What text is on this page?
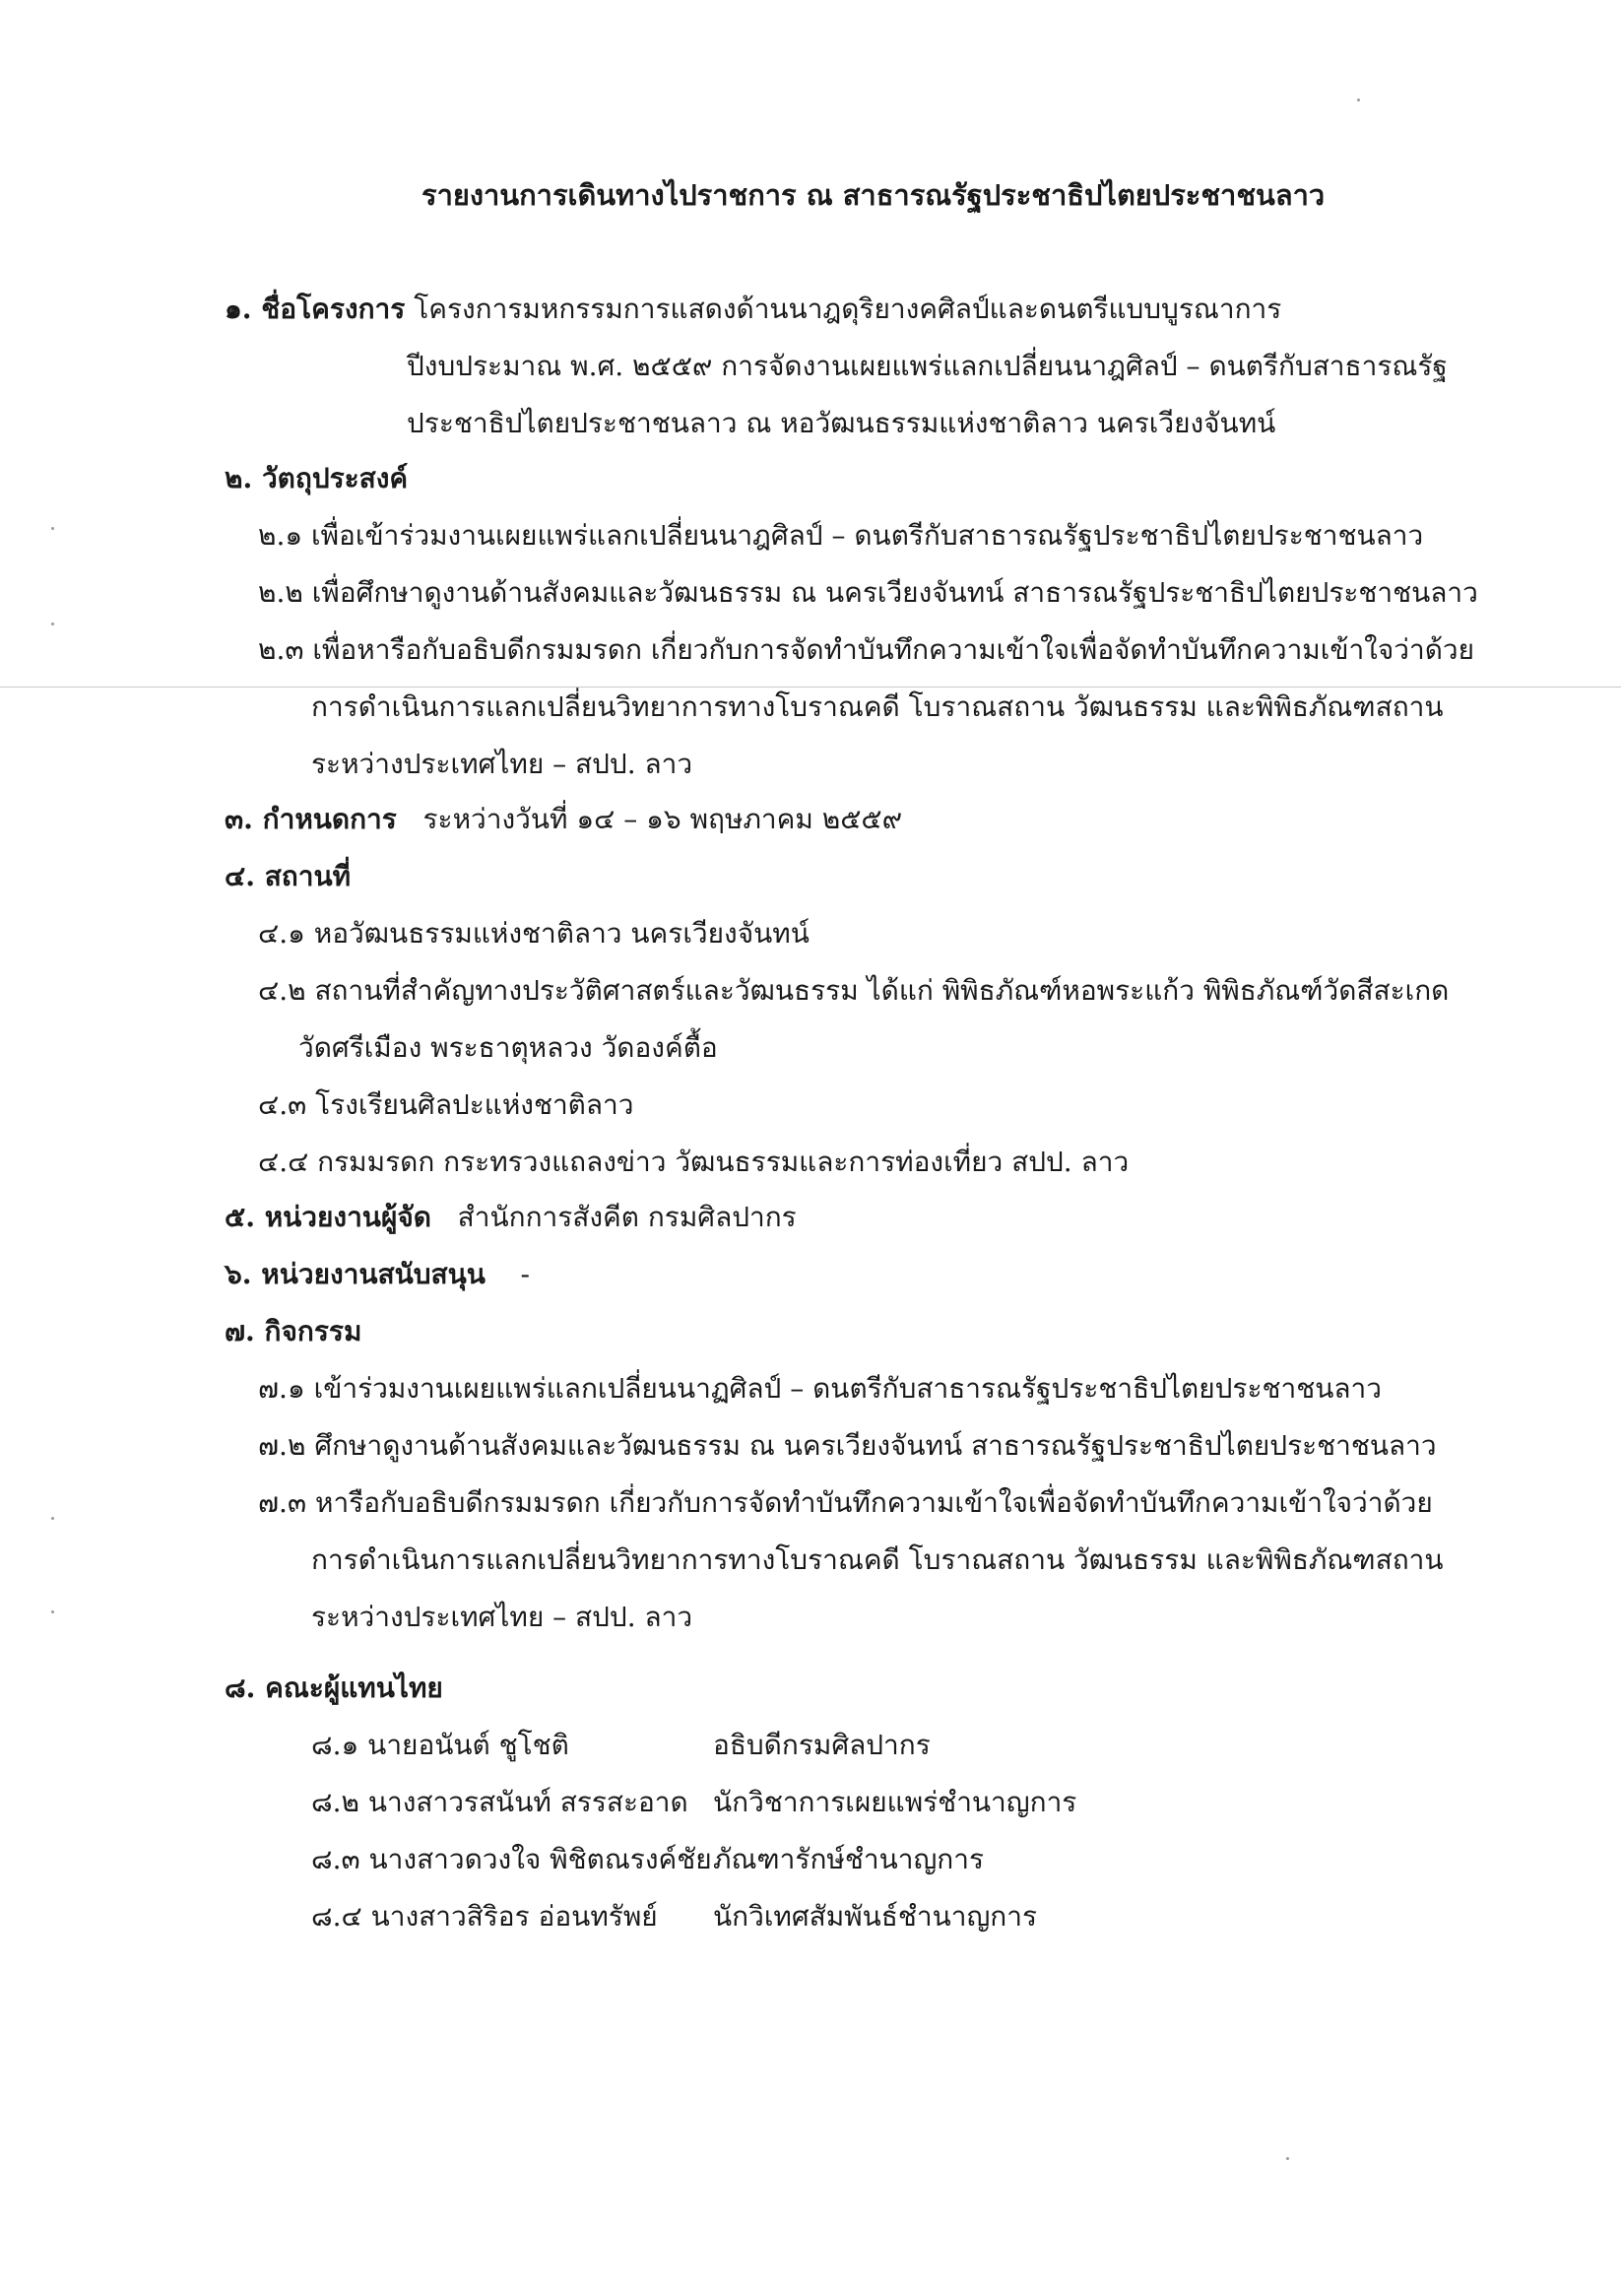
รายงานการเดินทางไปราชการ ณ สาธารณรัฐประชาธิปไตยประชาชนลาว
๑. ชื่อโครงการ โครงการมหกรรมการแสดงด้านนาฎดุริยางคศิลป์และดนตรีแบบบูรณาการ
ปีงบประมาณ พ.ศ. ๒๕๕๙ การจัดงานเผยแพร่แลกเปลี่ยนนาฎศิลป์ – ดนตรีกับสาธารณรัฐ
ประชาธิปไตยประชาชนลาว ณ หอวัฒนธรรมแห่งชาติลาว นครเวียงจันทน์
๒. วัตถุประสงค์
๒.๑ เพื่อเข้าร่วมงานเผยแพร่แลกเปลี่ยนนาฎศิลป์ – ดนตรีกับสาธารณรัฐประชาธิปไตยประชาชนลาว
๒.๒ เพื่อศึกษาดูงานด้านสังคมและวัฒนธรรม ณ นครเวียงจันทน์ สาธารณรัฐประชาธิปไตยประชาชนลาว
๒.๓ เพื่อหารือกับอธิบดีกรมมรดก เกี่ยวกับการจัดทำบันทึกความเข้าใจเพื่อจัดทำบันทึกความเข้าใจว่าด้วย
การดำเนินการแลกเปลี่ยนวิทยาการทางโบราณคดี โบราณสถาน วัฒนธรรม และพิพิธภัณฑสถาน
ระหว่างประเทศไทย – สปป. ลาว
๓. กำหนดการ ระหว่างวันที่ ๑๔ – ๑๖ พฤษภาคม ๒๕๕๙
๔. สถานที่
๔.๑ หอวัฒนธรรมแห่งชาติลาว นครเวียงจันทน์
๔.๒ สถานที่สำคัญทางประวัติศาสตร์และวัฒนธรรม ได้แก่ พิพิธภัณฑ์หอพระแก้ว พิพิธภัณฑ์วัดสีสะเกด
วัดศรีเมือง พระธาตุหลวง วัดองค์ตื้อ
๔.๓ โรงเรียนศิลปะแห่งชาติลาว
๔.๔ กรมมรดก กระทรวงแถลงข่าว วัฒนธรรมและการท่องเที่ยว สปป. ลาว
๕. หน่วยงานผู้จัด สำนักการสังคีต กรมศิลปากร
๖. หน่วยงานสนับสนุน -
๗. กิจกรรม
๗.๑ เข้าร่วมงานเผยแพร่แลกเปลี่ยนนาฏศิลป์ – ดนตรีกับสาธารณรัฐประชาธิปไตยประชาชนลาว
๗.๒ ศึกษาดูงานด้านสังคมและวัฒนธรรม ณ นครเวียงจันทน์ สาธารณรัฐประชาธิปไตยประชาชนลาว
๗.๓ หารือกับอธิบดีกรมมรดก เกี่ยวกับการจัดทำบันทึกความเข้าใจเพื่อจัดทำบันทึกความเข้าใจว่าด้วย
การดำเนินการแลกเปลี่ยนวิทยาการทางโบราณคดี โบราณสถาน วัฒนธรรม และพิพิธภัณฑสถาน
ระหว่างประเทศไทย – สปป. ลาว
๘. คณะผู้แทนไทย
๘.๑ นายอนันต์ ชูโชติ	อธิบดีกรมศิลปากร
๘.๒ นางสาวรสนันท์ สรรสะอาด นักวิชาการเผยแพร่ชำนาญการ
๘.๓ นางสาวดวงใจ พิชิตณรงค์ชัย ภัณฑารักษ์ชำนาญการ
๘.๔ นางสาวสิริอร อ่อนทรัพย์ นักวิเทศสัมพันธ์ชำนาญการ
